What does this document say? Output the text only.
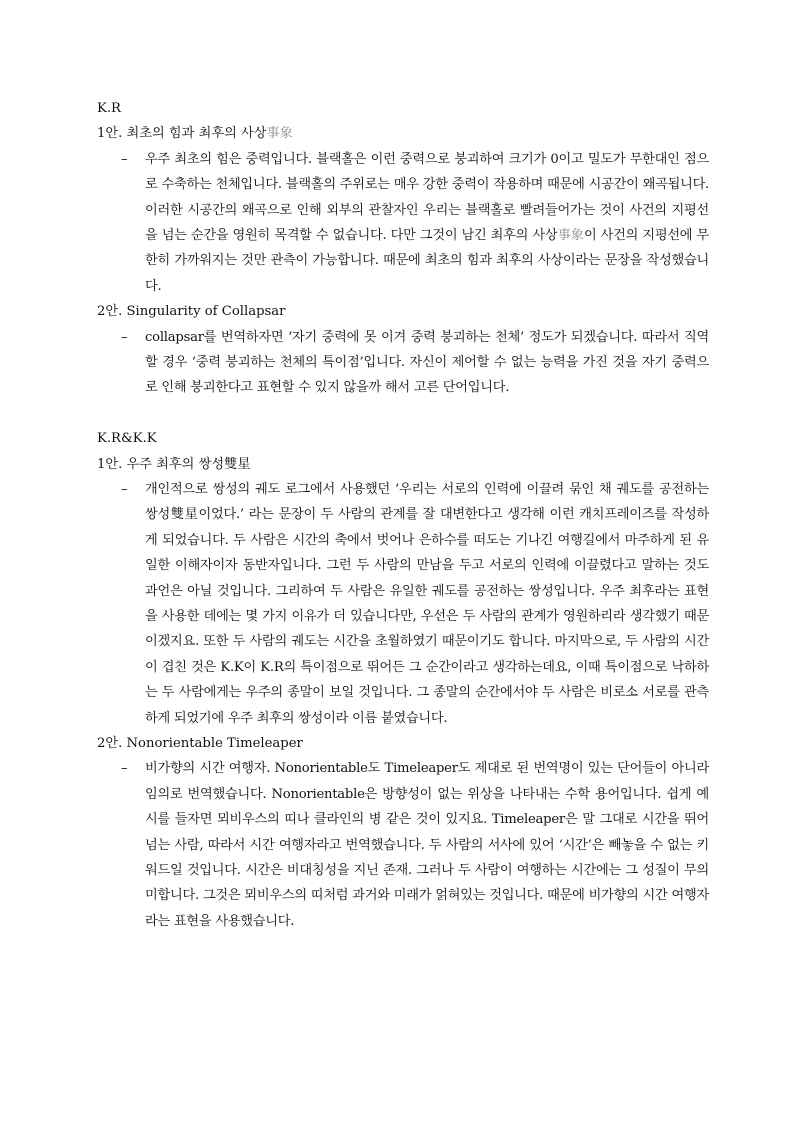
K.R
1안. 최초의 힘과 최후의 사상事象
– 우주 최초의 힘은 중력입니다. 블랙홀은 이런 중력으로 붕괴하여 크기가 0이고 밀도가 무한대인 점으로 수축하는 천체입니다. 블랙홀의 주위로는 매우 강한 중력이 작용하며 때문에 시공간이 왜곡됩니다. 이러한 시공간의 왜곡으로 인해 외부의 관찰자인 우리는 블랙홀로 빨려들어가는 것이 사건의 지평선을 넘는 순간을 영원히 목격할 수 없습니다. 다만 그것이 남긴 최후의 사상事象이 사건의 지평선에 무한히 가까워지는 것만 관측이 가능합니다. 때문에 최초의 힘과 최후의 사상이라는 문장을 작성했습니다.
2안. Singularity of Collapsar
– collapsar를 번역하자면 ‘자기 중력에 못 이겨 중력 붕괴하는 천체’ 정도가 되겠습니다. 따라서 직역할 경우 ‘중력 붕괴하는 천체의 특이점’입니다. 자신이 제어할 수 없는 능력을 가진 것을 자기 중력으로 인해 붕괴한다고 표현할 수 있지 않을까 해서 고른 단어입니다.
K.R&K.K
1안. 우주 최후의 쌍성雙星
– 개인적으로 쌍성의 궤도 로그에서 사용했던 ‘우리는 서로의 인력에 이끌려 묶인 채 궤도를 공전하는 쌍성雙星이었다.’ 라는 문장이 두 사람의 관계를 잘 대변한다고 생각해 이런 캐치프레이즈를 작성하게 되었습니다. 두 사람은 시간의 축에서 벗어나 은하수를 떠도는 기나긴 여행길에서 마주하게 된 유일한 이해자이자 동반자입니다. 그런 두 사람의 만남을 두고 서로의 인력에 이끌렸다고 말하는 것도 과언은 아닐 것입니다. 그리하여 두 사람은 유일한 궤도를 공전하는 쌍성입니다. 우주 최후라는 표현을 사용한 데에는 몇 가지 이유가 더 있습니다만, 우선은 두 사람의 관계가 영원하리라 생각했기 때문이겠지요. 또한 두 사람의 궤도는 시간을 초월하였기 때문이기도 합니다. 마지막으로, 두 사람의 시간이 겹친 것은 K.K이 K.R의 특이점으로 뛰어든 그 순간이라고 생각하는데요, 이때 특이점으로 낙하하는 두 사람에게는 우주의 종말이 보일 것입니다. 그 종말의 순간에서야 두 사람은 비로소 서로를 관측하게 되었기에 우주 최후의 쌍성이라 이름 붙였습니다.
2안. Nonorientable Timeleaper
– 비가향의 시간 여행자. Nonorientable도 Timeleaper도 제대로 된 번역명이 있는 단어들이 아니라 임의로 번역했습니다. Nonorientable은 방향성이 없는 위상을 나타내는 수학 용어입니다. 쉽게 예시를 들자면 뫼비우스의 띠나 클라인의 병 같은 것이 있지요. Timeleaper은 말 그대로 시간을 뛰어넘는 사람, 따라서 시간 여행자라고 번역했습니다. 두 사람의 서사에 있어 ‘시간’은 빼놓을 수 없는 키워드일 것입니다. 시간은 비대칭성을 지닌 존재. 그러나 두 사람이 여행하는 시간에는 그 성질이 무의미합니다. 그것은 뫼비우스의 띠처럼 과거와 미래가 얽혀있는 것입니다. 때문에 비가향의 시간 여행자라는 표현을 사용했습니다.
